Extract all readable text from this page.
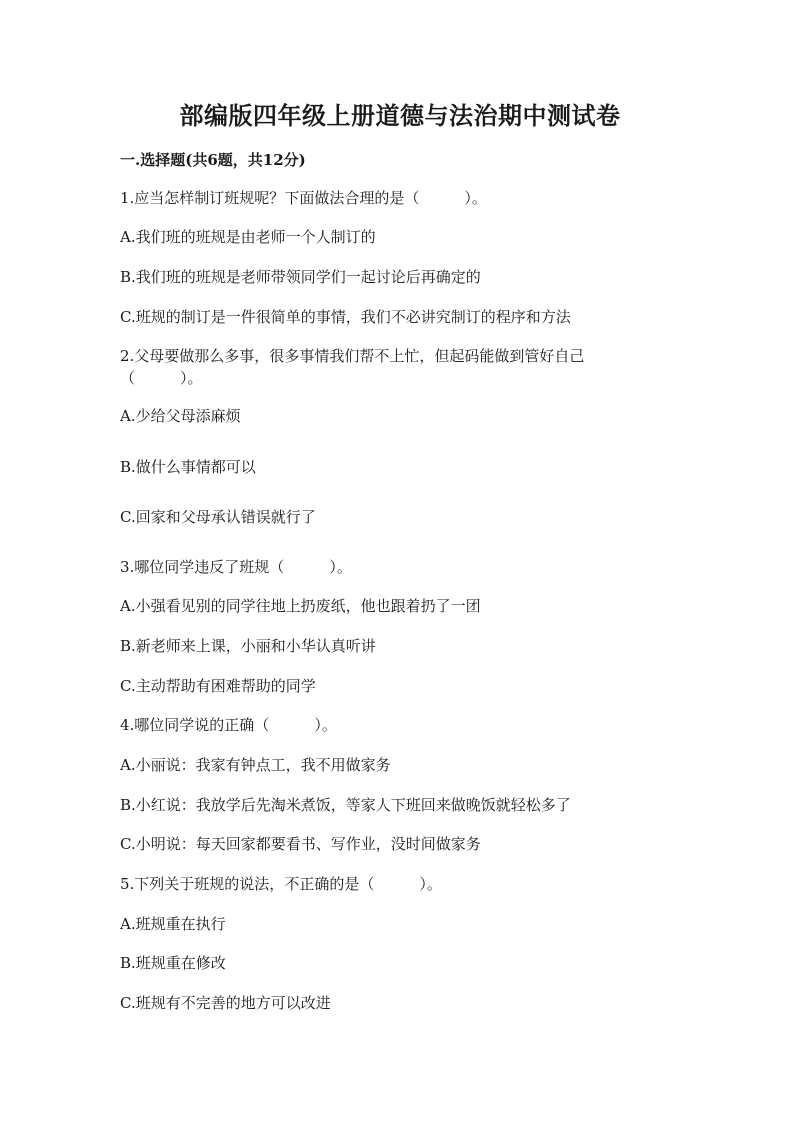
部编版四年级上册道德与法治期中测试卷

一.选择题(共6题，共12分)

1.应当怎样制订班规呢？下面做法合理的是（　　　）。

A.我们班的班规是由老师一个人制订的

B.我们班的班规是老师带领同学们一起讨论后再确定的

C.班规的制订是一件很简单的事情，我们不必讲究制订的程序和方法

2.父母要做那么多事，很多事情我们帮不上忙，但起码能做到管好自己

（　　　）。

A.少给父母添麻烦

B.做什么事情都可以

C.回家和父母承认错误就行了

3.哪位同学违反了班规（　　　）。

A.小强看见别的同学往地上扔废纸，他也跟着扔了一团

B.新老师来上课，小丽和小华认真听讲

C.主动帮助有困难帮助的同学

4.哪位同学说的正确（　　　）。

A.小丽说：我家有钟点工，我不用做家务

B.小红说：我放学后先淘米煮饭，等家人下班回来做晚饭就轻松多了

C.小明说：每天回家都要看书、写作业，没时间做家务

5.下列关于班规的说法，不正确的是（　　　）。

A.班规重在执行

B.班规重在修改

C.班规有不完善的地方可以改进
